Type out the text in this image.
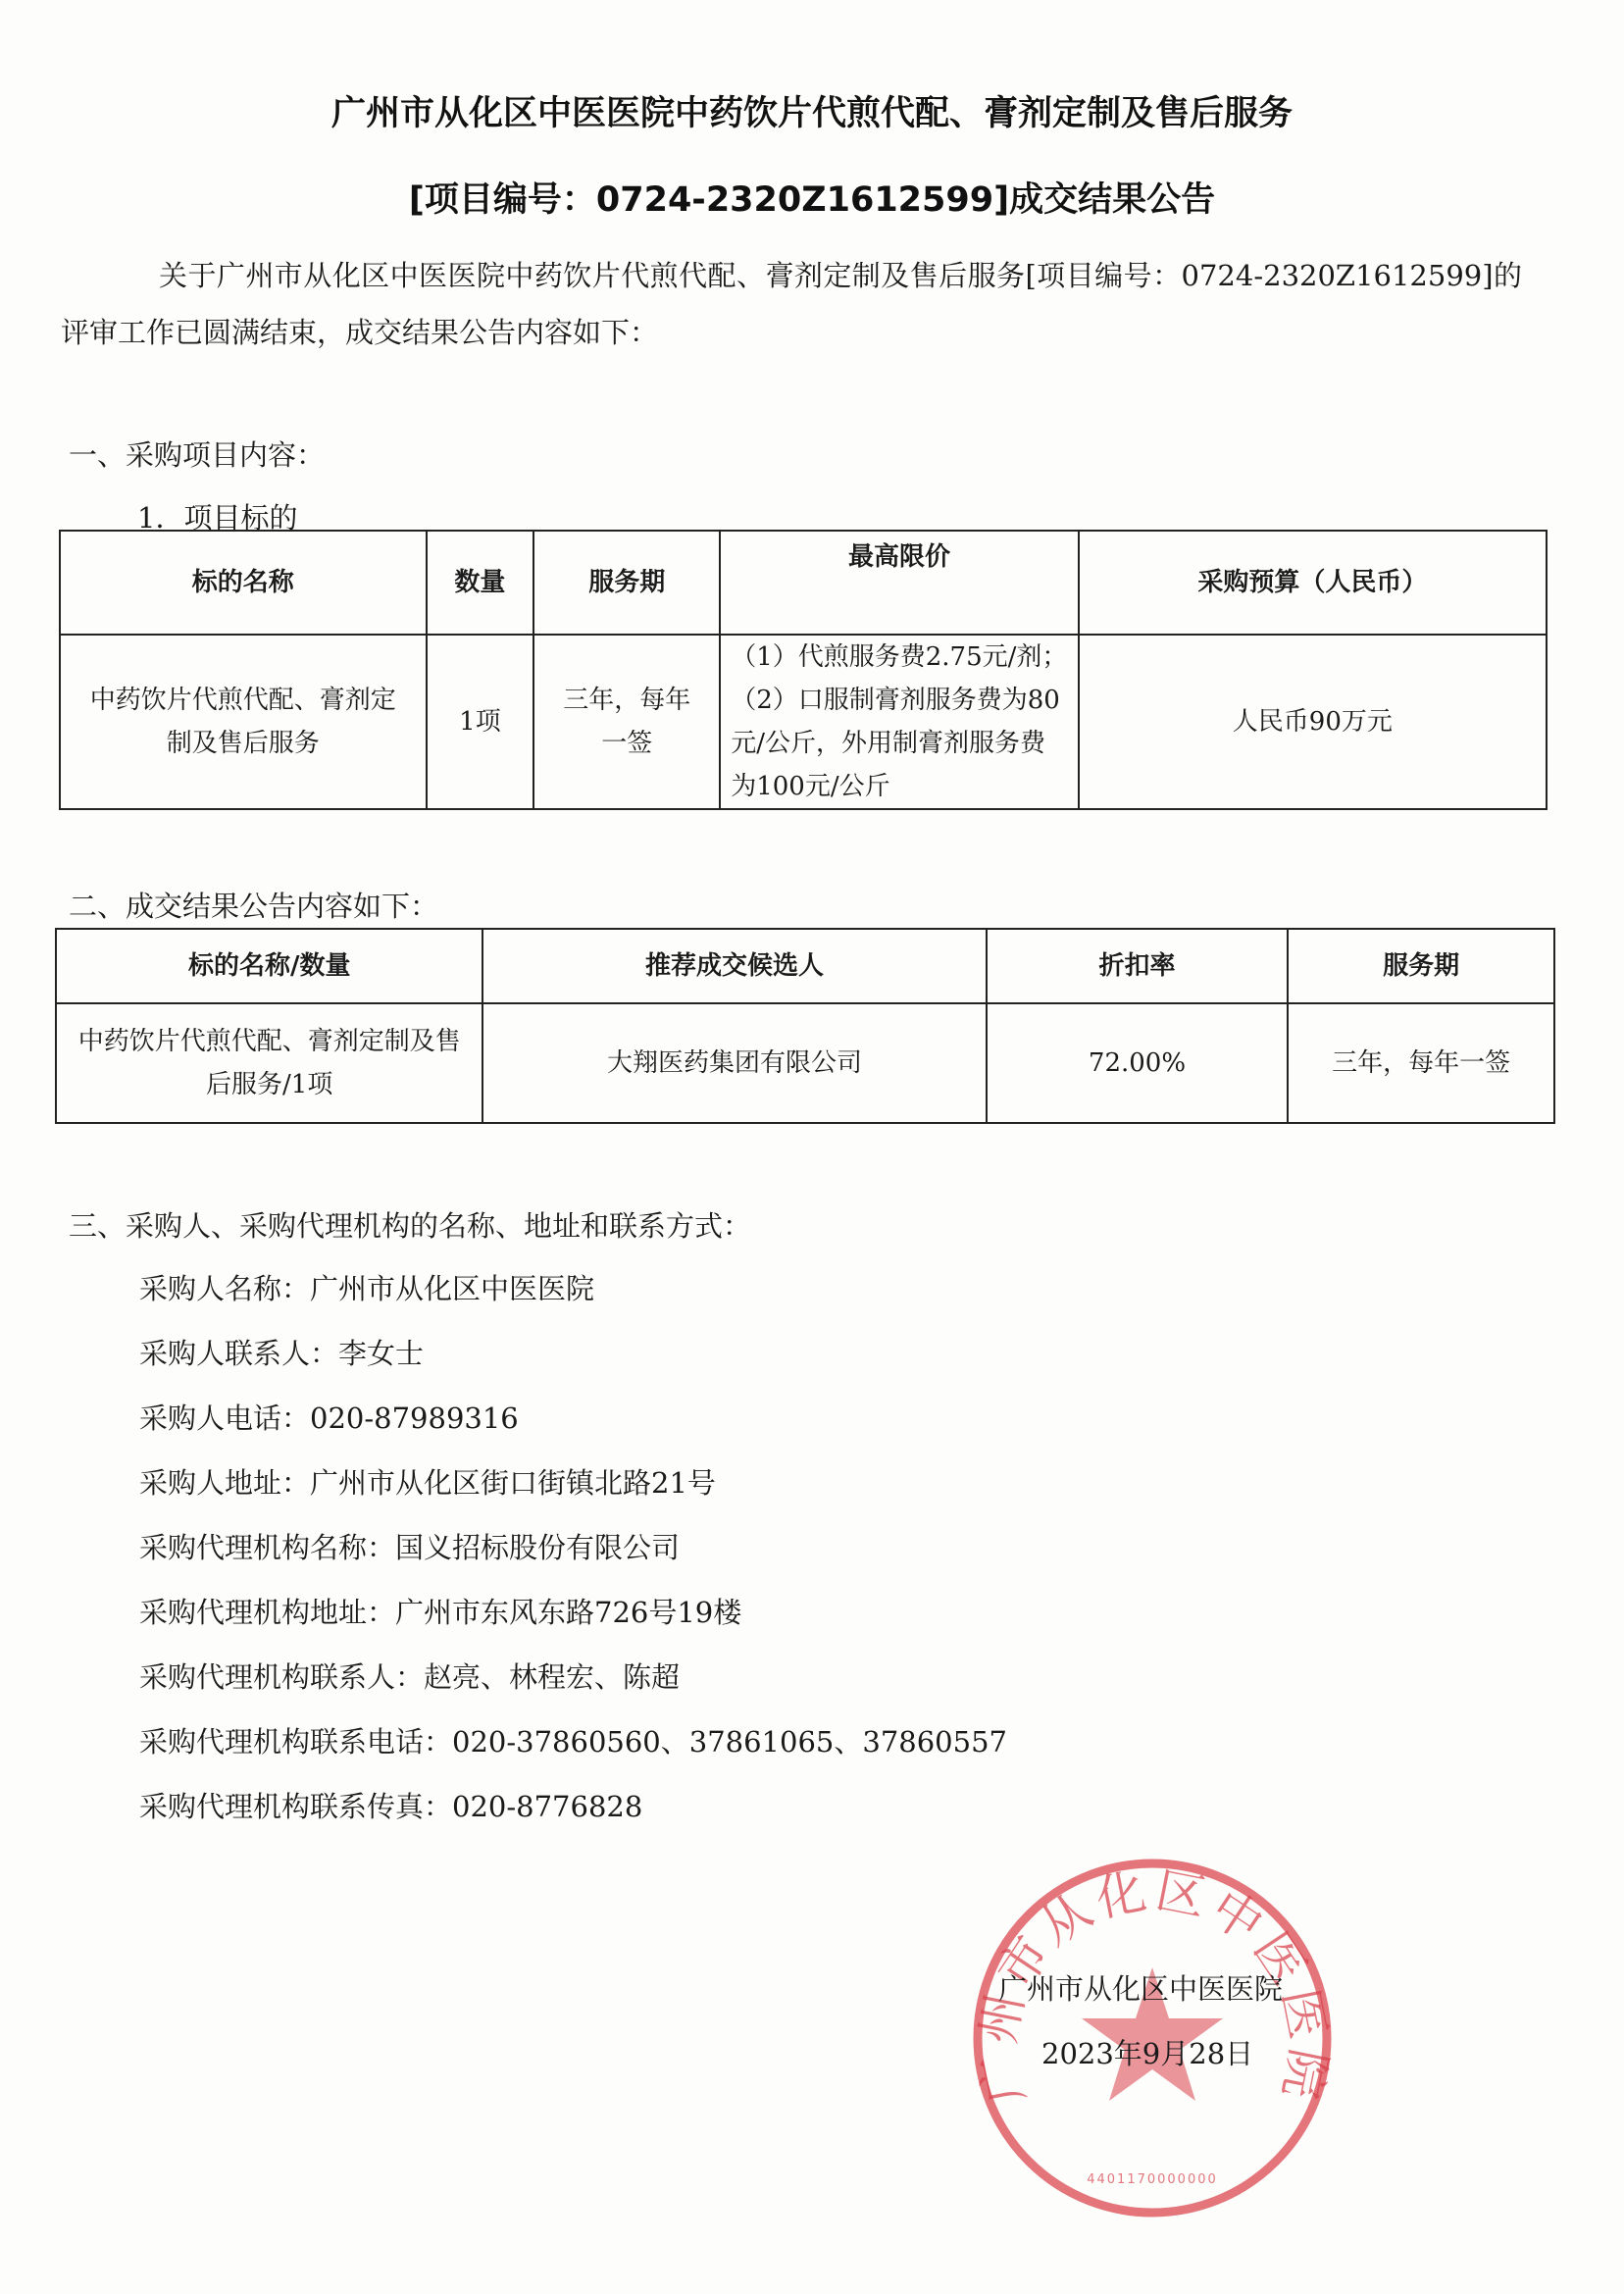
广州市从化区中医医院中药饮片代煎代配、膏剂定制及售后服务
[项目编号：0724-2320Z1612599]成交结果公告
关于广州市从化区中医医院中药饮片代煎代配、膏剂定制及售后服务[项目编号：0724-2320Z1612599]的评审工作已圆满结束，成交结果公告内容如下：
一、采购项目内容：
1．项目标的
标的名称	数量	服务期	最高限价	采购预算（人民币）
中药饮片代煎代配、膏剂定制及售后服务	1项	三年，每年一签	（1）代煎服务费2.75元/剂；（2）口服制膏剂服务费为80元/公斤，外用制膏剂服务费为100元/公斤	人民币90万元
二、成交结果公告内容如下：
标的名称/数量	推荐成交候选人	折扣率	服务期
中药饮片代煎代配、膏剂定制及售后服务/1项	大翔医药集团有限公司	72.00%	三年，每年一签
三、采购人、采购代理机构的名称、地址和联系方式：
采购人名称：广州市从化区中医医院
采购人联系人：李女士
采购人电话：020-87989316
采购人地址：广州市从化区街口街镇北路21号
采购代理机构名称：国义招标股份有限公司
采购代理机构地址：广州市东风东路726号19楼
采购代理机构联系人：赵亮、林程宏、陈超
采购代理机构联系电话：020-37860560、37861065、37860557
采购代理机构联系传真：020-8776828
广州市从化区中医医院
4401170000000
广州市从化区中医医院
2023年9月28日
